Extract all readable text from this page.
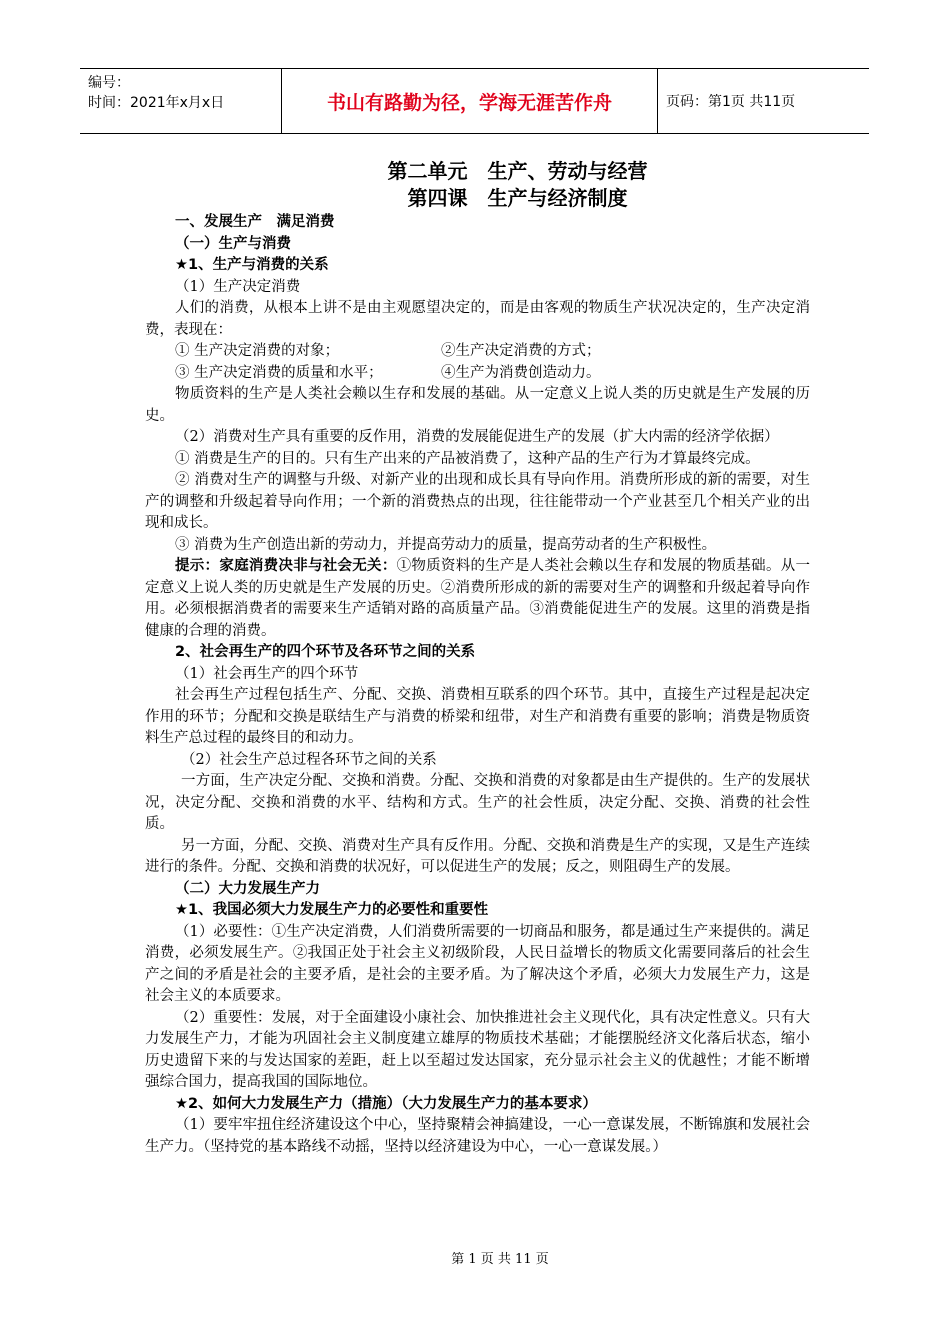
编号：
时间：2021年x月x日	书山有路勤为径，学海无涯苦作舟	页码：第1页 共11页
第二单元　生产、劳动与经营
第四课　生产与经济制度

一、发展生产　满足消费

（一）生产与消费

★1、生产与消费的关系

（1）生产决定消费

人们的消费，从根本上讲不是由主观愿望决定的，而是由客观的物质生产状况决定的，生产决定消费，表现在：

① 生产决定消费的对象；	②生产决定消费的方式；

③ 生产决定消费的质量和水平；	④生产为消费创造动力。

物质资料的生产是人类社会赖以生存和发展的基础。从一定意义上说人类的历史就是生产发展的历史。

（2）消费对生产具有重要的反作用，消费的发展能促进生产的发展（扩大内需的经济学依据）

① 消费是生产的目的。只有生产出来的产品被消费了，这种产品的生产行为才算最终完成。

② 消费对生产的调整与升级、对新产业的出现和成长具有导向作用。消费所形成的新的需要，对生产的调整和升级起着导向作用；一个新的消费热点的出现，往往能带动一个产业甚至几个相关产业的出现和成长。

③ 消费为生产创造出新的劳动力，并提高劳动力的质量，提高劳动者的生产积极性。

提示：家庭消费决非与社会无关：①物质资料的生产是人类社会赖以生存和发展的物质基础。从一定意义上说人类的历史就是生产发展的历史。②消费所形成的新的需要对生产的调整和升级起着导向作用。必须根据消费者的需要来生产适销对路的高质量产品。③消费能促进生产的发展。这里的消费是指健康的合理的消费。

2、社会再生产的四个环节及各环节之间的关系

（1）社会再生产的四个环节

社会再生产过程包括生产、分配、交换、消费相互联系的四个环节。其中，直接生产过程是起决定作用的环节；分配和交换是联结生产与消费的桥梁和纽带，对生产和消费有重要的影响；消费是物质资料生产总过程的最终目的和动力。

（2）社会生产总过程各环节之间的关系

一方面，生产决定分配、交换和消费。分配、交换和消费的对象都是由生产提供的。生产的发展状况，决定分配、交换和消费的水平、结构和方式。生产的社会性质，决定分配、交换、消费的社会性质。

另一方面，分配、交换、消费对生产具有反作用。分配、交换和消费是生产的实现，又是生产连续进行的条件。分配、交换和消费的状况好，可以促进生产的发展；反之，则阻碍生产的发展。

（二）大力发展生产力

★1、我国必须大力发展生产力的必要性和重要性

（1）必要性：①生产决定消费，人们消费所需要的一切商品和服务，都是通过生产来提供的。满足消费，必须发展生产。②我国正处于社会主义初级阶段，人民日益增长的物质文化需要同落后的社会生产之间的矛盾是社会的主要矛盾，是社会的主要矛盾。为了解决这个矛盾，必须大力发展生产力，这是社会主义的本质要求。

（2）重要性：发展，对于全面建设小康社会、加快推进社会主义现代化，具有决定性意义。只有大力发展生产力，才能为巩固社会主义制度建立雄厚的物质技术基础；才能摆脱经济文化落后状态，缩小历史遗留下来的与发达国家的差距，赶上以至超过发达国家，充分显示社会主义的优越性；才能不断增强综合国力，提高我国的国际地位。

★2、如何大力发展生产力（措施）（大力发展生产力的基本要求）

（1）要牢牢扭住经济建设这个中心，坚持聚精会神搞建设，一心一意谋发展，不断锦旗和发展社会生产力。（坚持党的基本路线不动摇，坚持以经济建设为中心，一心一意谋发展。）

第 1 页 共 11 页
